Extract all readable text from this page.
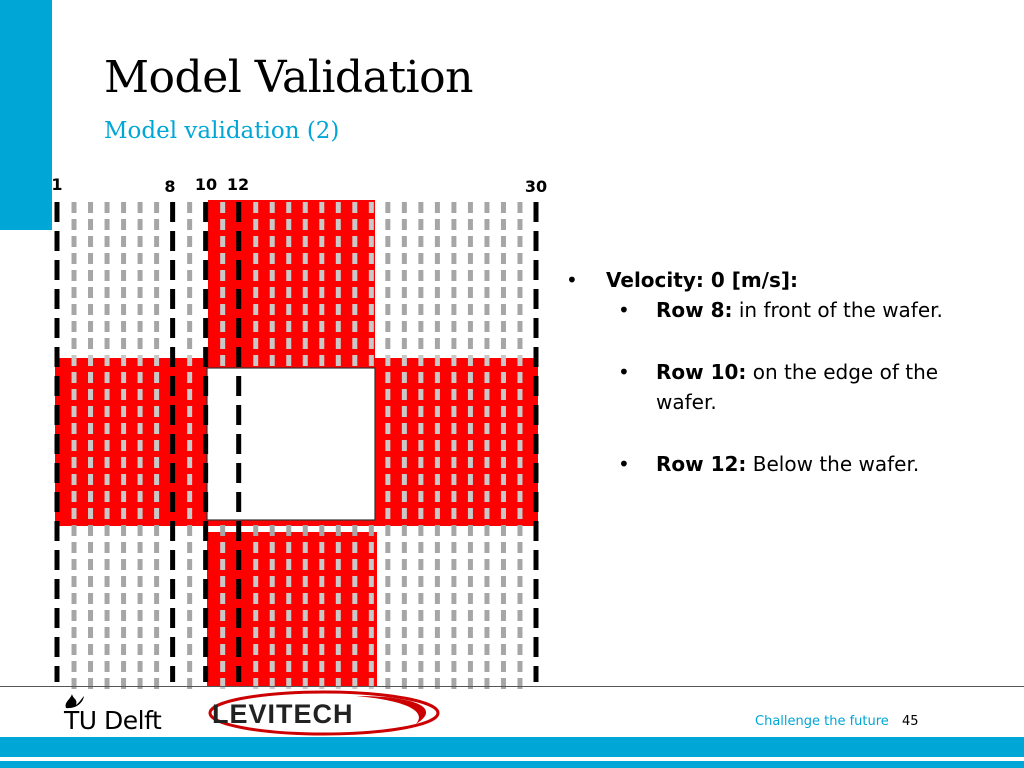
Model Validation
Model validation (2)
1	8 10 12	30
• Velocity: 0 [m/s]:
• Row 8: in front of the wafer.
• Row 10: on the edge of the wafer.
• Row 12: Below the wafer.
TU Delft LEVITECH	Challenge the future 45
